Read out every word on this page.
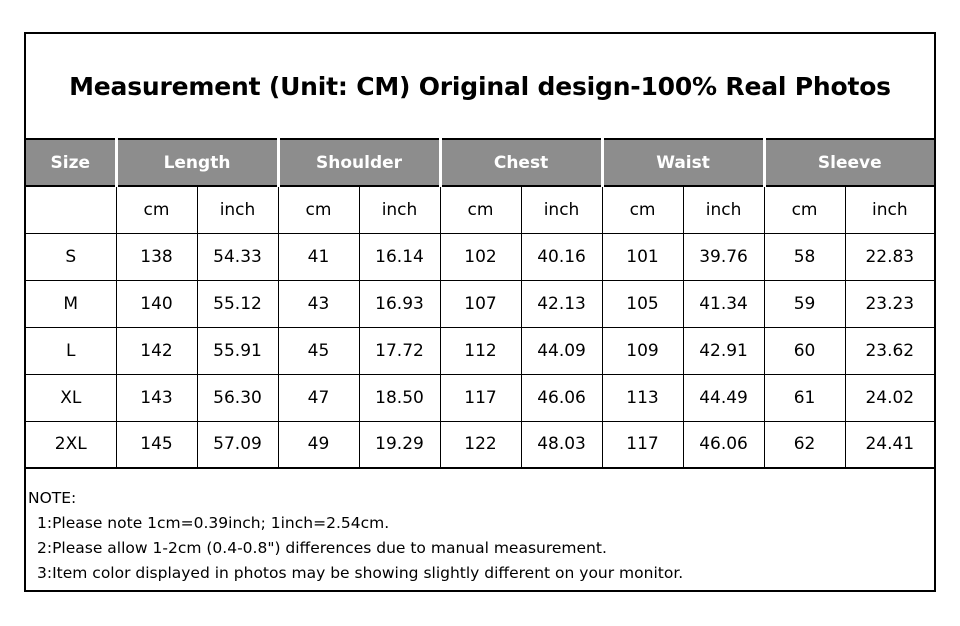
Measurement (Unit: CM) Original design-100% Real Photos
Size	Length		Shoulder		Chest		Waist		Sleeve	
	cm	inch	cm	inch	cm	inch	cm	inch	cm	inch
S	138	54.33	41	16.14	102	40.16	101	39.76	58	22.83
M	140	55.12	43	16.93	107	42.13	105	41.34	59	23.23
L	142	55.91	45	17.72	112	44.09	109	42.91	60	23.62
XL	143	56.30	47	18.50	117	46.06	113	44.49	61	24.02
2XL	145	57.09	49	19.29	122	48.03	117	46.06	62	24.41
NOTE:
1:Please note 1cm=0.39inch; 1inch=2.54cm.
2:Please allow 1-2cm (0.4-0.8") differences due to manual measurement.
3:Item color displayed in photos may be showing slightly different on your monitor.
